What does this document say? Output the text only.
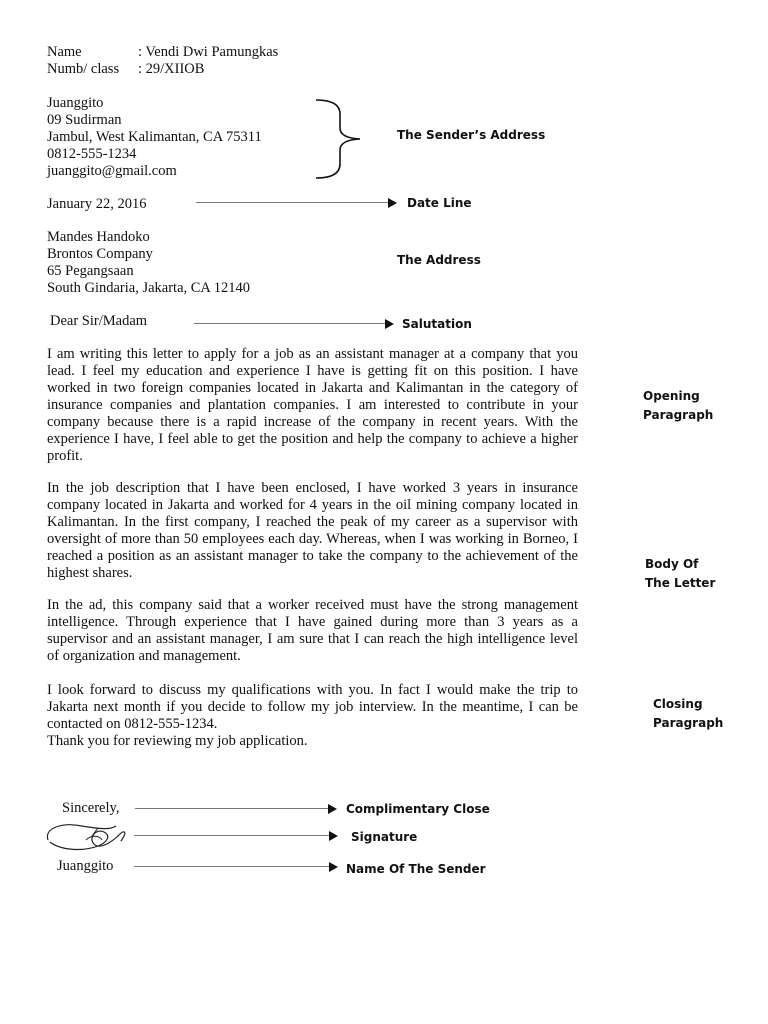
Name	: Vendi Dwi Pamungkas
Numb/ class : 29/XIIOB
Juanggito
09 Sudirman
Jambul, West Kalimantan, CA 75311
0812-555-1234
juanggito@gmail.com
The Sender’s Address
January 22, 2016	Date Line
Mandes Handoko
Brontos Company
65 Pegangsaan
South Gindaria, Jakarta, CA 12140
The Address
Dear Sir/Madam	Salutation
I am writing this letter to apply for a job as an assistant manager at a company that you lead. I feel my education and experience I have is getting fit on this position. I have worked in two foreign companies located in Jakarta and Kalimantan in the category of insurance companies and plantation companies. I am interested to contribute in your company because there is a rapid increase of the company in recent years. With the experience I have, I feel able to get the position and help the company to achieve a higher profit.
In the job description that I have been enclosed, I have worked 3 years in insurance company located in Jakarta and worked for 4 years in the oil mining company located in Kalimantan. In the first company, I reached the peak of my career as a supervisor with oversight of more than 50 employees each day. Whereas, when I was working in Borneo, I reached a position as an assistant manager to take the company to the achievement of the highest shares.
In the ad, this company said that a worker received must have the strong management intelligence. Through experience that I have gained during more than 3 years as a supervisor and an assistant manager, I am sure that I can reach the high intelligence level of organization and management.
I look forward to discuss my qualifications with you. In fact I would make the trip to Jakarta next month if you decide to follow my job interview. In the meantime, I can be contacted on 0812-555-1234.
Thank you for reviewing my job application.
Opening
Paragraph
Body Of
The Letter
Closing
Paragraph
Sincerely,	Complimentary Close
Signature
Juanggito	Name Of The Sender
